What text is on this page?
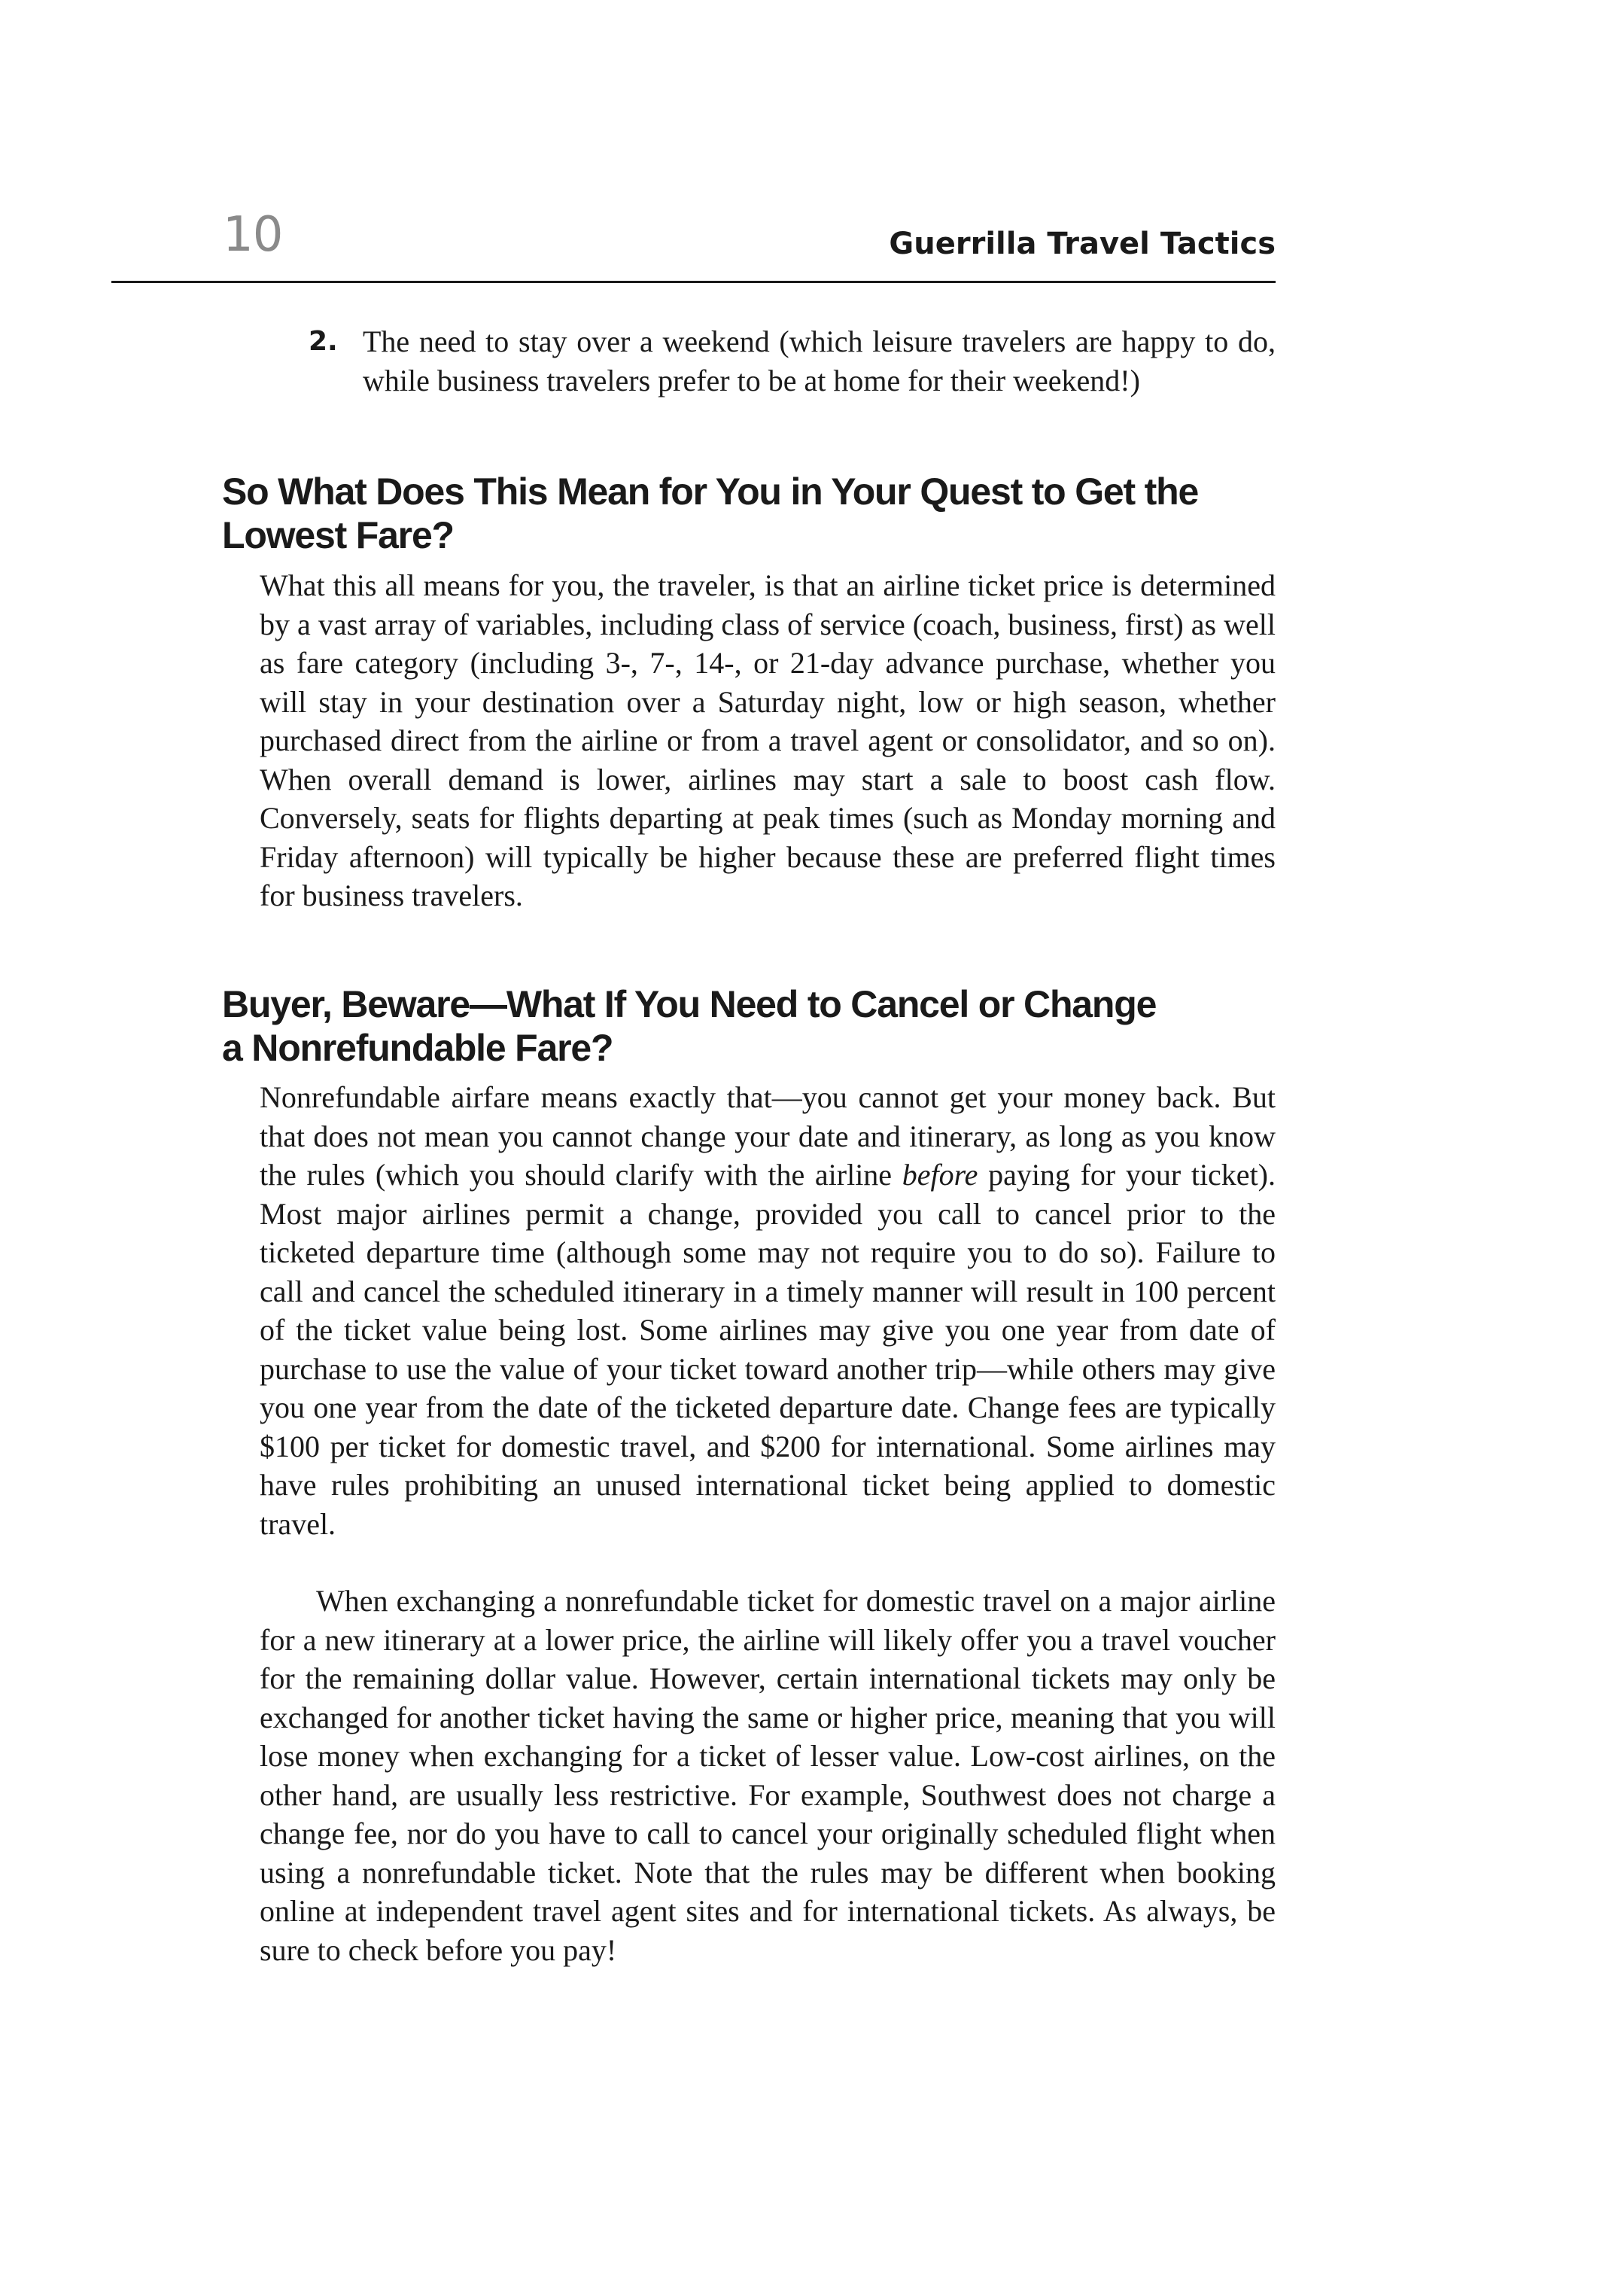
10	Guerrilla Travel Tactics
2. The need to stay over a weekend (which leisure travelers are happy to do, while business travelers prefer to be at home for their weekend!)
So What Does This Mean for You in Your Quest to Get the
Lowest Fare?

What this all means for you, the traveler, is that an airline ticket price is determined by a vast array of variables, including class of service (coach, business, first) as well as fare category (including 3-, 7-, 14-, or 21-day advance purchase, whether you will stay in your destination over a Saturday night, low or high season, whether purchased direct from the airline or from a travel agent or consolidator, and so on). When overall demand is lower, airlines may start a sale to boost cash flow. Conversely, seats for flights departing at peak times (such as Monday morning and Friday afternoon) will typically be higher because these are preferred flight times for business travelers.

Buyer, Beware—What If You Need to Cancel or Change
a Nonrefundable Fare?

Nonrefundable airfare means exactly that—you cannot get your money back. But that does not mean you cannot change your date and itinerary, as long as you know the rules (which you should clarify with the airline before paying for your ticket). Most major airlines permit a change, provided you call to cancel prior to the ticketed departure time (although some may not require you to do so). Failure to call and cancel the scheduled itinerary in a timely manner will result in 100 percent of the ticket value being lost. Some airlines may give you one year from date of purchase to use the value of your ticket toward another trip—while others may give you one year from the date of the ticketed departure date. Change fees are typically $100 per ticket for domestic travel, and $200 for international. Some airlines may have rules prohibiting an unused international ticket being applied to domestic travel.

When exchanging a nonrefundable ticket for domestic travel on a major airline for a new itinerary at a lower price, the airline will likely offer you a travel voucher for the remaining dollar value. However, certain international tickets may only be exchanged for another ticket having the same or higher price, meaning that you will lose money when exchanging for a ticket of lesser value. Low-cost airlines, on the other hand, are usually less restrictive. For example, Southwest does not charge a change fee, nor do you have to call to cancel your originally scheduled flight when using a nonrefundable ticket. Note that the rules may be different when booking online at independent travel agent sites and for international tickets. As always, be sure to check before you pay!
